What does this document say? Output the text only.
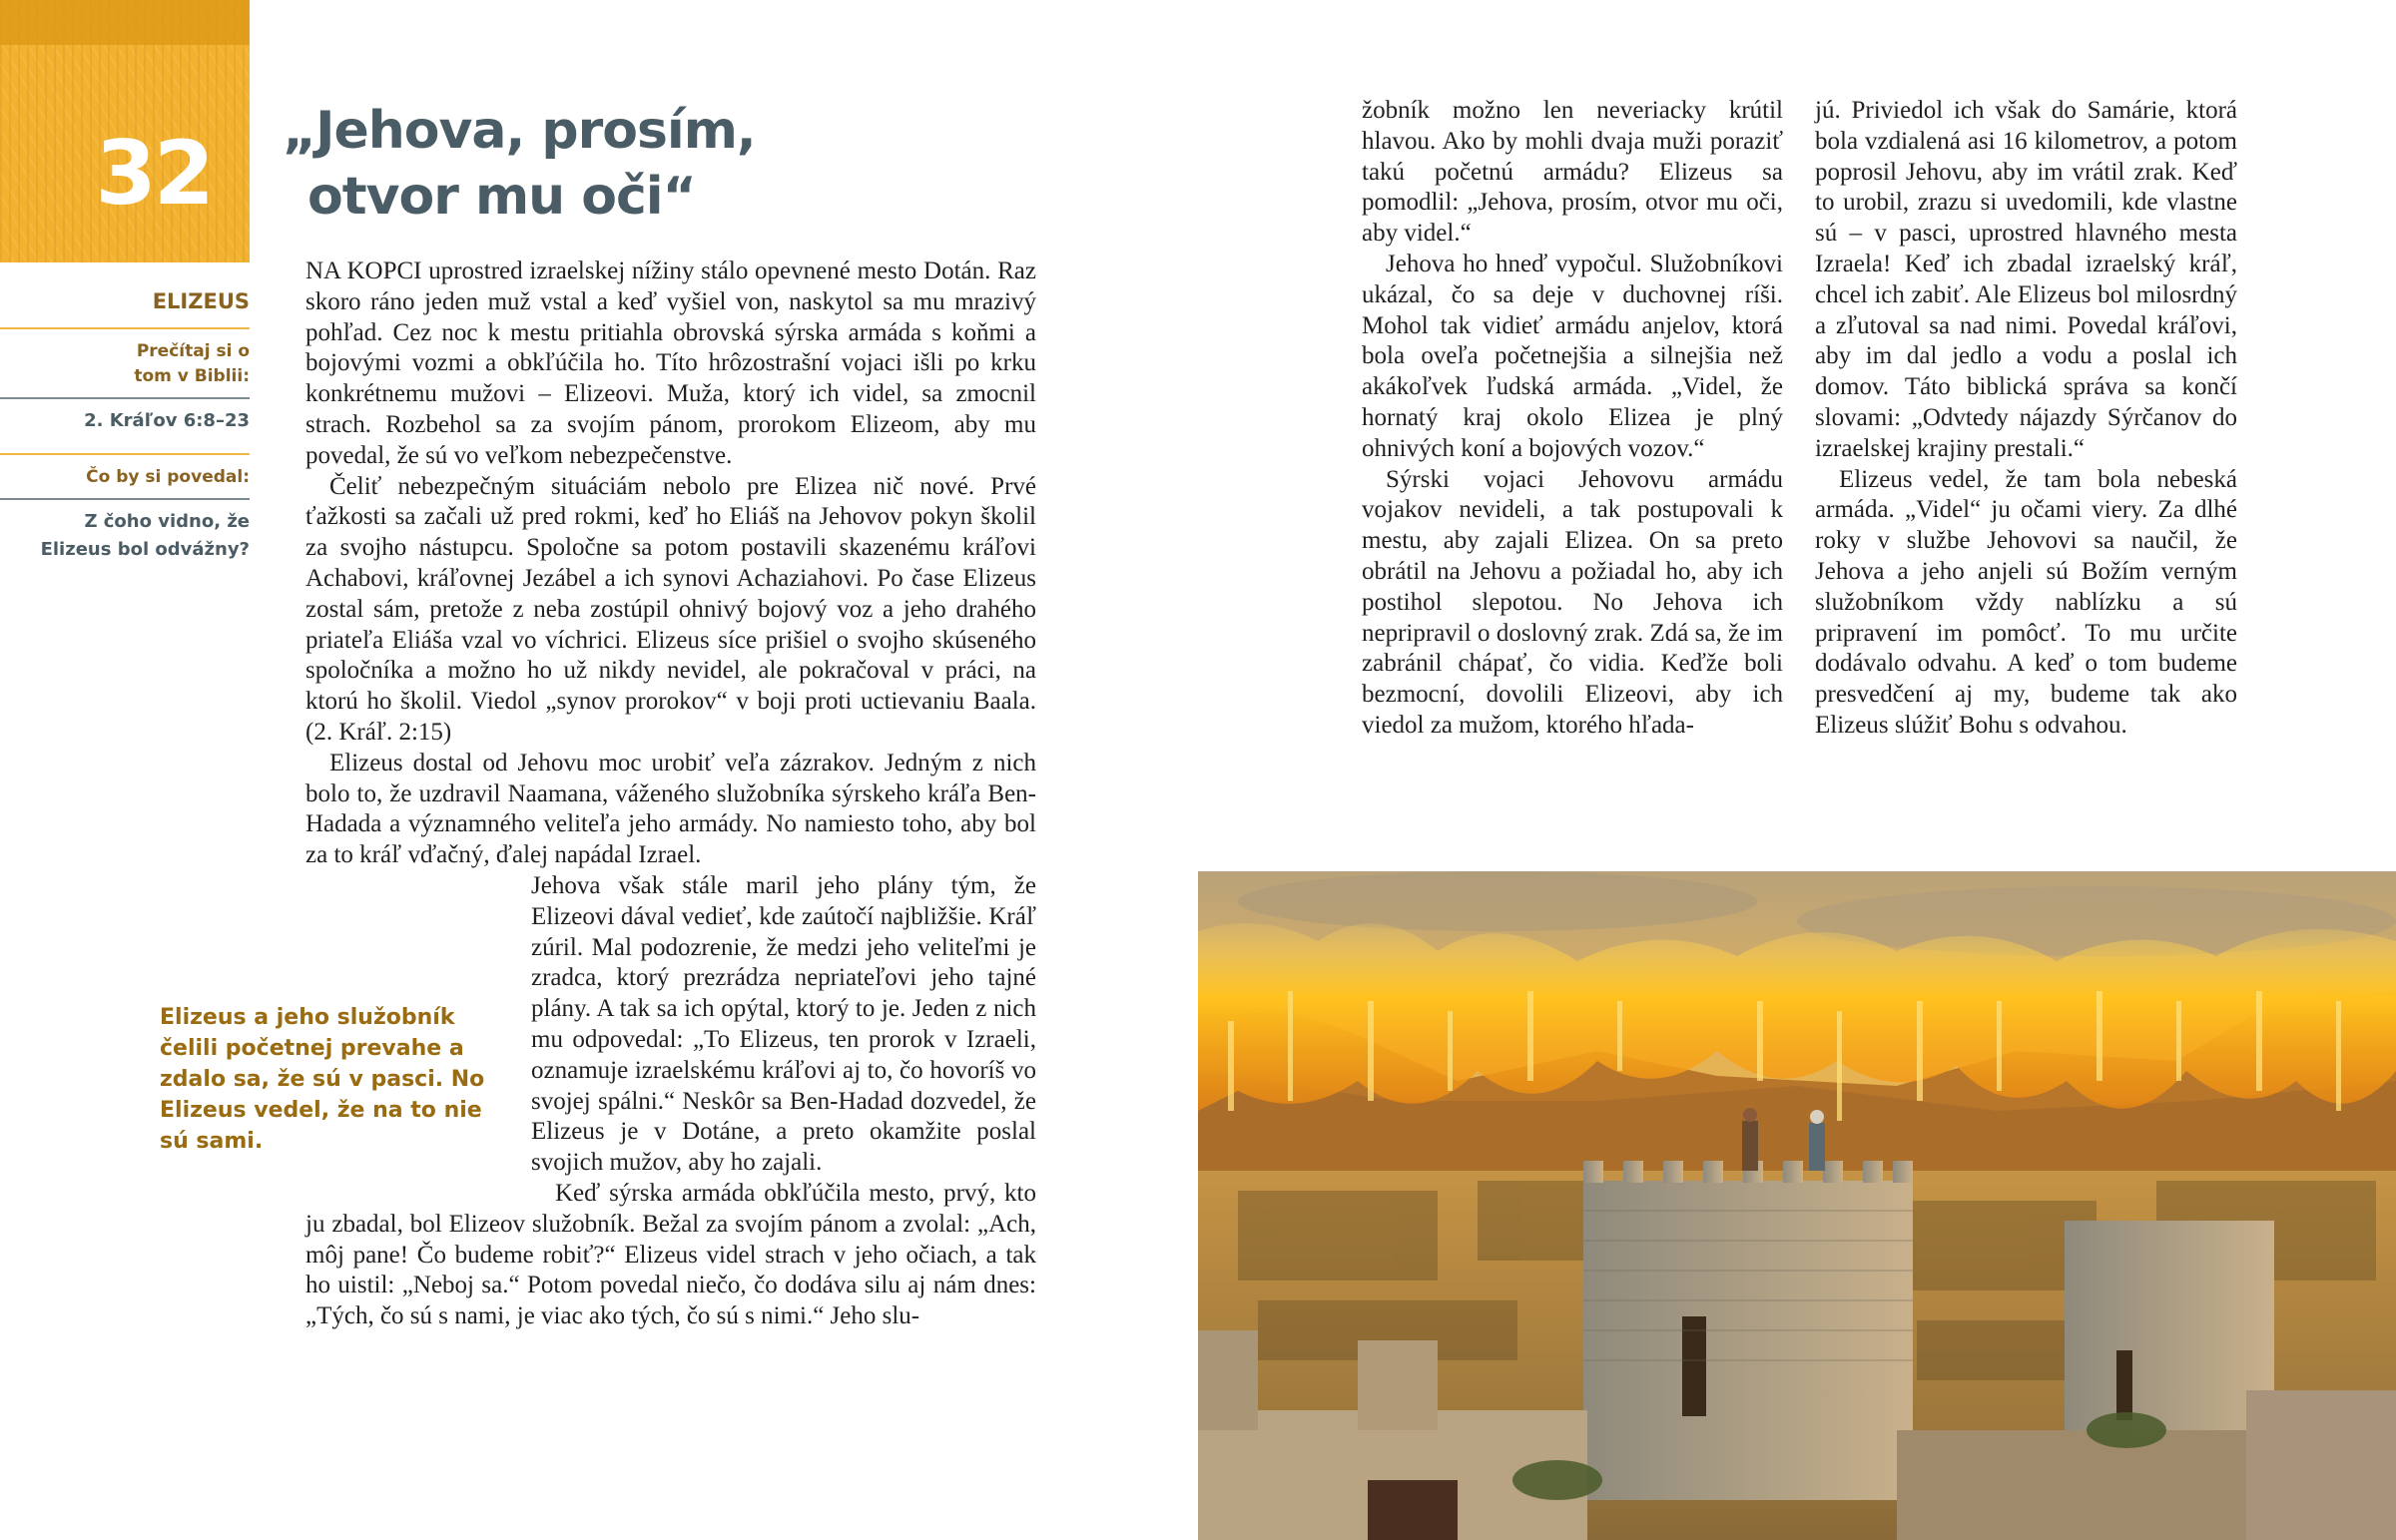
32
ELIZEUS
Prečítaj si o tom v Biblii:
2. Kráľov 6:8–23
Čo by si povedal:
Z čoho vidno, že Elizeus bol odvážny?
„Jehova, prosím,
otvor mu oči“

NA KOPCI uprostred izraelskej nížiny stálo opevnené mesto Dotán. Raz skoro ráno jeden muž vstal a keď vyšiel von, naskytol sa mu mrazivý pohľad. Cez noc k mestu pritiahla obrovská sýrska armáda s koňmi a bojovými vozmi a obkľúčila ho. Títo hrôzostrašní vojaci išli po krku konkrétnemu mužovi – Elizeovi. Muža, ktorý ich videl, sa zmocnil strach. Rozbehol sa za svojím pánom, prorokom Elizeom, aby mu povedal, že sú vo veľkom nebezpečenstve.

Čeliť nebezpečným situáciám nebolo pre Elizea nič nové. Prvé ťažkosti sa začali už pred rokmi, keď ho Eliáš na Jehovov pokyn školil za svojho nástupcu. Spoločne sa potom postavili skazenému kráľovi Achabovi, kráľovnej Jezábel a ich synovi Achaziahovi. Po čase Elizeus zostal sám, pretože z neba zostúpil ohnivý bojový voz a jeho drahého priateľa Eliáša vzal vo víchrici. Elizeus síce prišiel o svojho skúseného spoločníka a možno ho už nikdy nevidel, ale pokračoval v práci, na ktorú ho školil. Viedol „synov prorokov“ v boji proti uctievaniu Baala. (2. Kráľ. 2:15)

Elizeus dostal od Jehovu moc urobiť veľa zázrakov. Jedným z nich bolo to, že uzdravil Naamana, váženého služobníka sýrskeho kráľa Ben-Hadada a významného veliteľa jeho armády. No namiesto toho, aby bol za to kráľ vďačný, ďalej napádal Izrael.

Jehova však stále maril jeho plány tým, že Elizeovi dával vedieť, kde zaútočí najbližšie. Kráľ zúril. Mal podozrenie, že medzi jeho veliteľmi je zradca, ktorý prezrádza nepriateľovi jeho tajné plány. A tak sa ich opýtal, ktorý to je. Jeden z nich mu odpovedal: „To Elizeus, ten prorok v Izraeli, oznamuje izraelskému kráľovi aj to, čo hovoríš vo svojej spálni.“ Neskôr sa Ben-Hadad dozvedel, že Elizeus je v Dotáne, a preto okamžite poslal svojich mužov, aby ho zajali.

Keď sýrska armáda obkľúčila mesto, prvý, kto ju zbadal, bol Elizeov služobník. Bežal za svojím pánom a zvolal: „Ach, môj pane! Čo budeme robiť?“ Elizeus videl strach v jeho očiach, a tak ho uistil: „Neboj sa.“ Potom povedal niečo, čo dodáva silu aj nám dnes: „Tých, čo sú s nami, je viac ako tých, čo sú s nimi.“ Jeho slu-

Elizeus a jeho služobník čelili početnej prevahe a zdalo sa, že sú v pasci. No Elizeus vedel, že na to nie sú sami.

žobník možno len neveriacky krútil hlavou. Ako by mohli dvaja muži poraziť takú početnú armádu? Elizeus sa pomodlil: „Jehova, prosím, otvor mu oči, aby videl.“

Jehova ho hneď vypočul. Služobníkovi ukázal, čo sa deje v duchovnej ríši. Mohol tak vidieť armádu anjelov, ktorá bola oveľa početnejšia a silnejšia než akákoľvek ľudská armáda. „Videl, že hornatý kraj okolo Elizea je plný ohnivých koní a bojových vozov.“

Sýrski vojaci Jehovovu armádu vojakov nevideli, a tak postupovali k mestu, aby zajali Elizea. On sa preto obrátil na Jehovu a požiadal ho, aby ich postihol slepotou. No Jehova ich nepripravil o doslovný zrak. Zdá sa, že im zabránil chápať, čo vidia. Keďže boli bezmocní, dovolili Elizeovi, aby ich viedol za mužom, ktorého hľada-

jú. Priviedol ich však do Samárie, ktorá bola vzdialená asi 16 kilometrov, a potom poprosil Jehovu, aby im vrátil zrak. Keď to urobil, zrazu si uvedomili, kde vlastne sú – v pasci, uprostred hlavného mesta Izraela! Keď ich zbadal izraelský kráľ, chcel ich zabiť. Ale Elizeus bol milosrdný a zľutoval sa nad nimi. Povedal kráľovi, aby im dal jedlo a vodu a poslal ich domov. Táto biblická správa sa končí slovami: „Odvtedy nájazdy Sýrčanov do izraelskej krajiny prestali.“

Elizeus vedel, že tam bola nebeská armáda. „Videl“ ju očami viery. Za dlhé roky v službe Jehovovi sa naučil, že Jehova a jeho anjeli sú Božím verným služobníkom vždy nablízku a sú pripravení im pomôcť. To mu určite dodávalo odvahu. A keď o tom budeme presvedčení aj my, budeme tak ako Elizeus slúžiť Bohu s odvahou.
